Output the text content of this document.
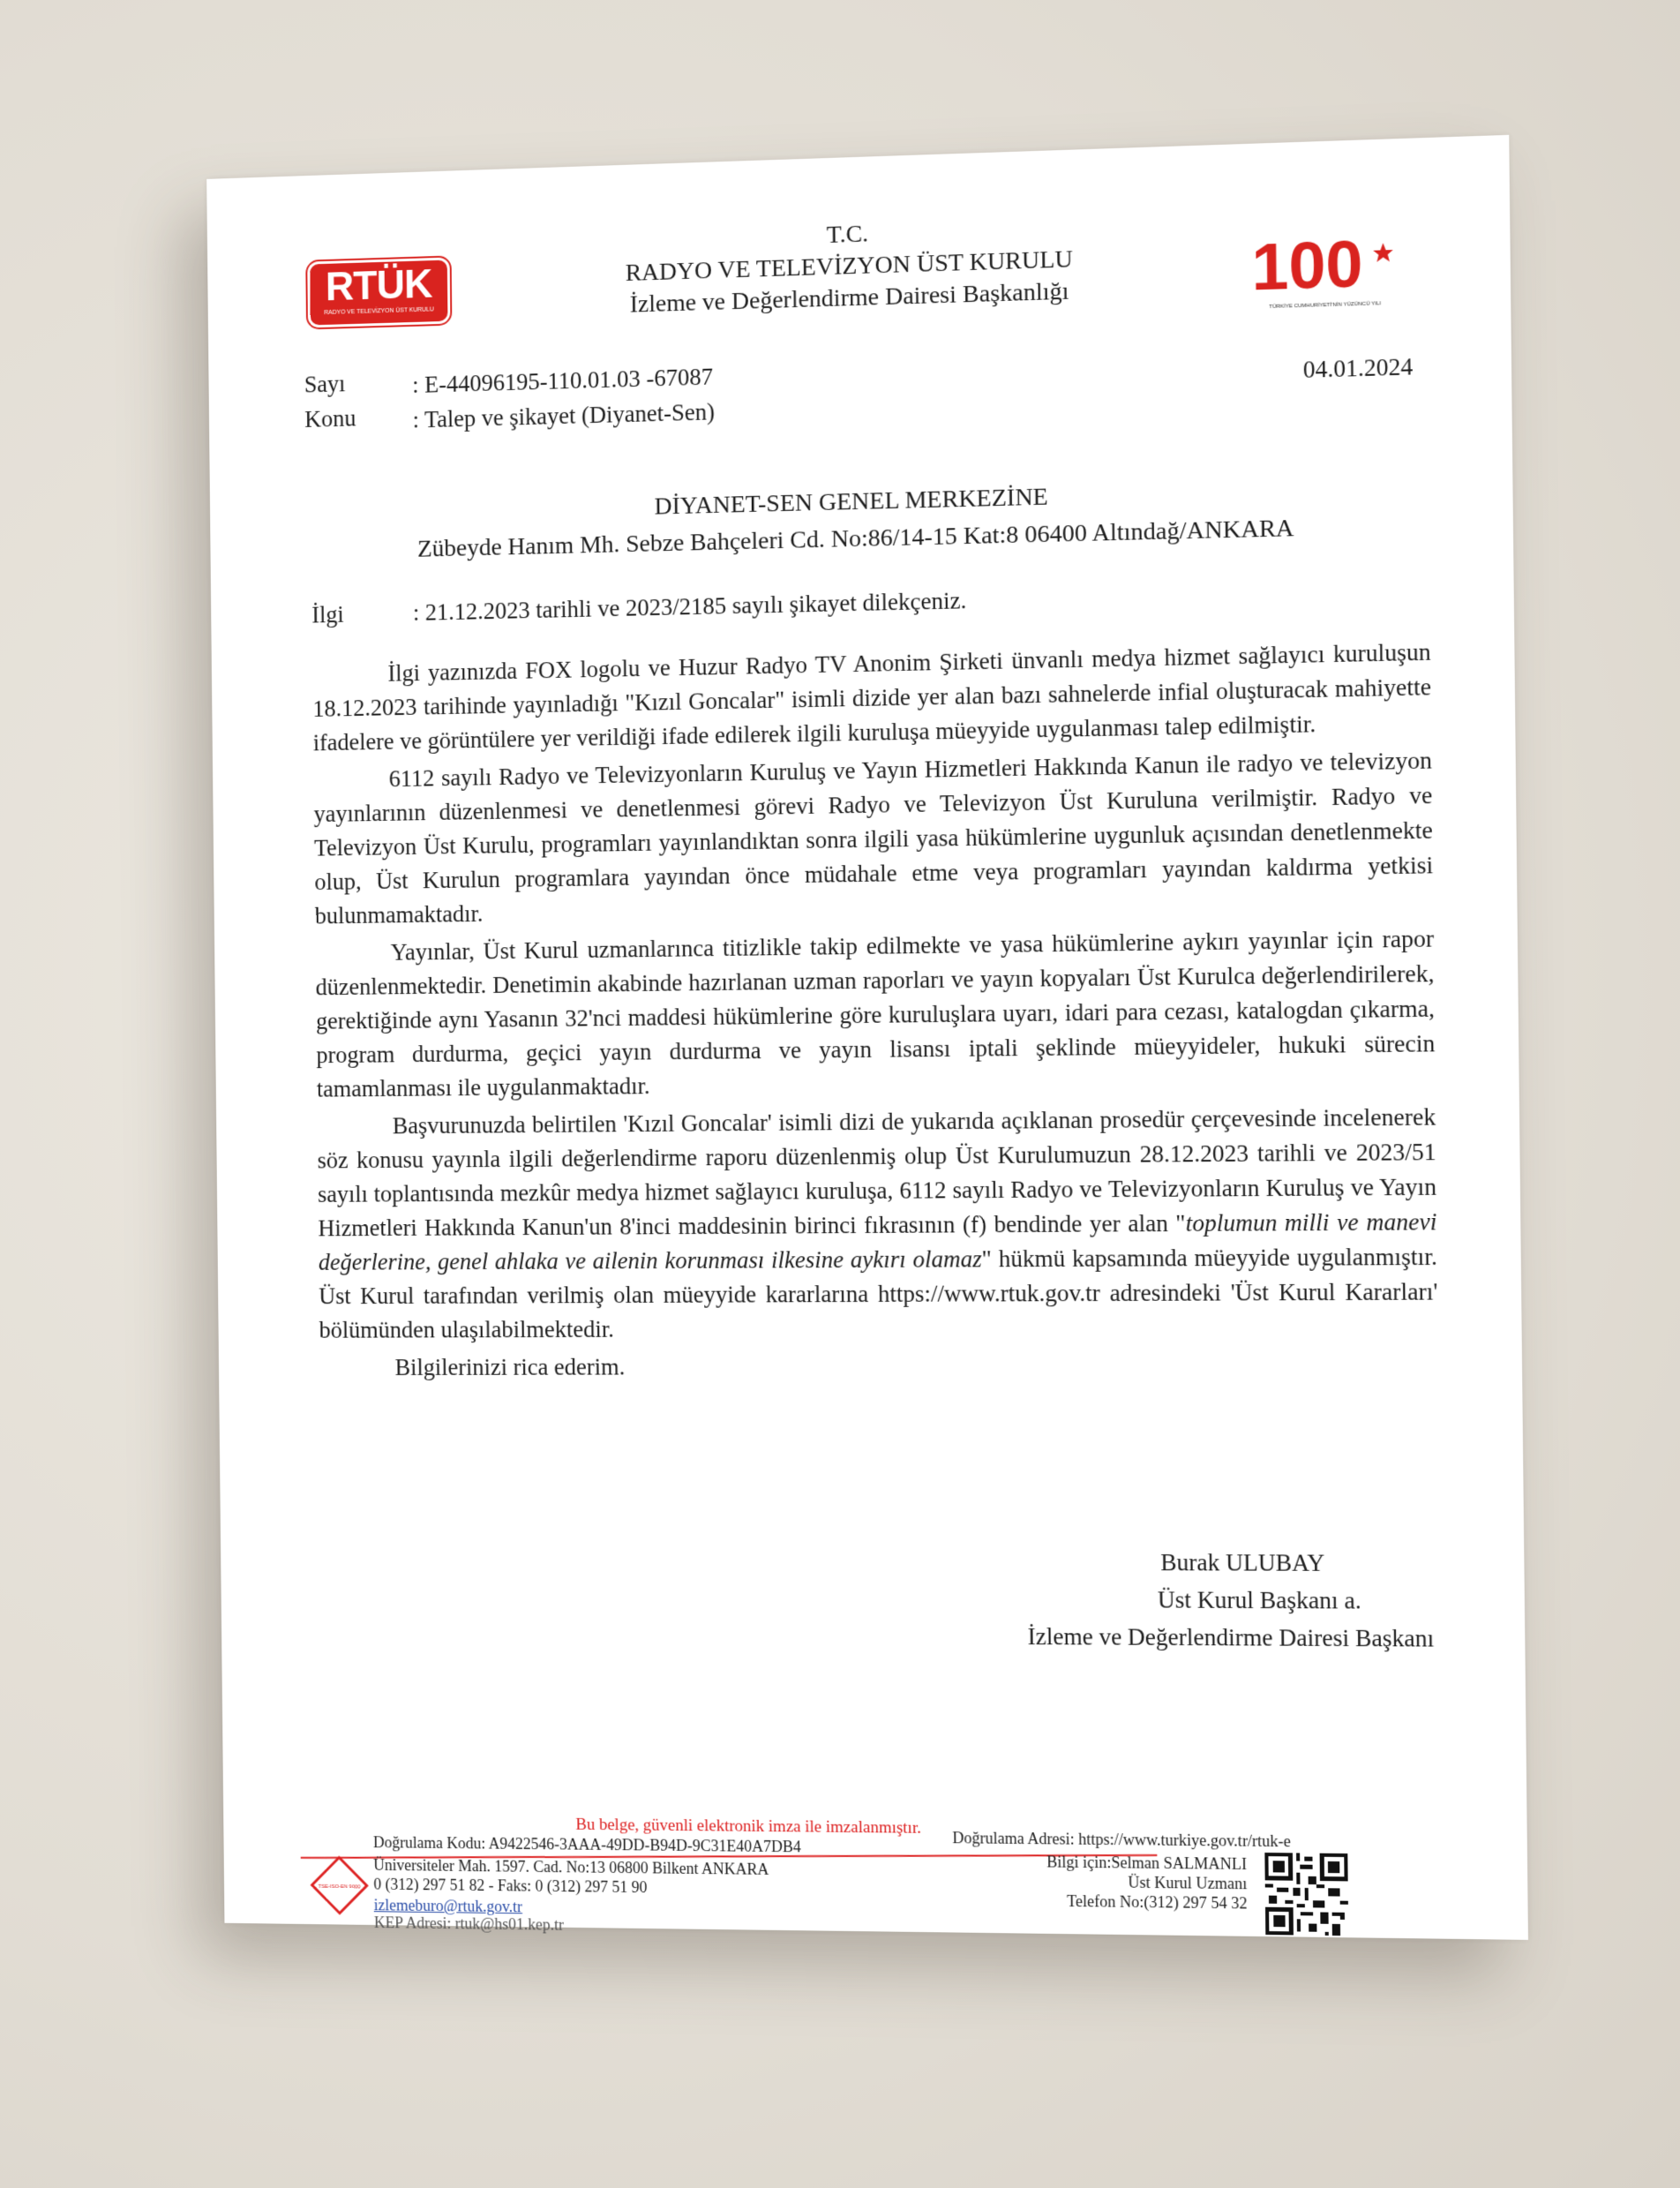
RTÜK
RADYO VE TELEVİZYON ÜST KURULU
T.C.
RADYO VE TELEVİZYON ÜST KURULU
İzleme ve Değerlendirme Dairesi Başkanlığı	100
TÜRKİYE CUMHURİYETİ'NİN YÜZÜNCÜ YILI
Sayı
Konu
: E-44096195-110.01.03 -67087
: Talep ve şikayet (Diyanet-Sen)
04.01.2024
DİYANET-SEN GENEL MERKEZİNE
Zübeyde Hanım Mh. Sebze Bahçeleri Cd. No:86/14-15 Kat:8 06400 Altındağ/ANKARA
İlgi	: 21.12.2023 tarihli ve 2023/2185 sayılı şikayet dilekçeniz.

İlgi yazınızda FOX logolu ve Huzur Radyo TV Anonim Şirketi ünvanlı medya hizmet sağlayıcı kuruluşun 18.12.2023 tarihinde yayınladığı "Kızıl Goncalar" isimli dizide yer alan bazı sahnelerde infial oluşturacak mahiyette ifadelere ve görüntülere yer verildiği ifade edilerek ilgili kuruluşa müeyyide uygulanması talep edilmiştir.

6112 sayılı Radyo ve Televizyonların Kuruluş ve Yayın Hizmetleri Hakkında Kanun ile radyo ve televizyon yayınlarının düzenlenmesi ve denetlenmesi görevi Radyo ve Televizyon Üst Kuruluna verilmiştir. Radyo ve Televizyon Üst Kurulu, programları yayınlandıktan sonra ilgili yasa hükümlerine uygunluk açısından denetlenmekte olup, Üst Kurulun programlara yayından önce müdahale etme veya programları yayından kaldırma yetkisi bulunmamaktadır.

Yayınlar, Üst Kurul uzmanlarınca titizlikle takip edilmekte ve yasa hükümlerine aykırı yayınlar için rapor düzenlenmektedir. Denetimin akabinde hazırlanan uzman raporları ve yayın kopyaları Üst Kurulca değerlendirilerek, gerektiğinde aynı Yasanın 32'nci maddesi hükümlerine göre kuruluşlara uyarı, idari para cezası, katalogdan çıkarma, program durdurma, geçici yayın durdurma ve yayın lisansı iptali şeklinde müeyyideler, hukuki sürecin tamamlanması ile uygulanmaktadır.

Başvurunuzda belirtilen 'Kızıl Goncalar' isimli dizi de yukarıda açıklanan prosedür çerçevesinde incelenerek söz konusu yayınla ilgili değerlendirme raporu düzenlenmiş olup Üst Kurulumuzun 28.12.2023 tarihli ve 2023/51 sayılı toplantısında mezkûr medya hizmet sağlayıcı kuruluşa, 6112 sayılı Radyo ve Televizyonların Kuruluş ve Yayın Hizmetleri Hakkında Kanun'un 8'inci maddesinin birinci fıkrasının (f) bendinde yer alan "toplumun milli ve manevi değerlerine, genel ahlaka ve ailenin korunması ilkesine aykırı olamaz" hükmü kapsamında müeyyide uygulanmıştır. Üst Kurul tarafından verilmiş olan müeyyide kararlarına https://www.rtuk.gov.tr adresindeki 'Üst Kurul Kararları' bölümünden ulaşılabilmektedir.

Bilgilerinizi rica ederim.

Burak ULUBAY
Üst Kurul Başkanı a.
İzleme ve Değerlendirme Dairesi Başkanı
Bu belge, güvenli elektronik imza ile imzalanmıştır.
Doğrulama Kodu: A9422546-3AAA-49DD-B94D-9C31E40A7DB4
Üniversiteler Mah. 1597. Cad. No:13 06800 Bilkent ANKARA
0 (312) 297 51 82 - Faks: 0 (312) 297 51 90
izlemeburo@rtuk.gov.tr
KEP Adresi: rtuk@hs01.kep.tr
Doğrulama Adresi: https://www.turkiye.gov.tr/rtuk-e
Bilgi için:Selman SALMANLI
Üst Kurul Uzmanı
Telefon No:(312) 297 54 32
TSE-ISO-EN 9000
